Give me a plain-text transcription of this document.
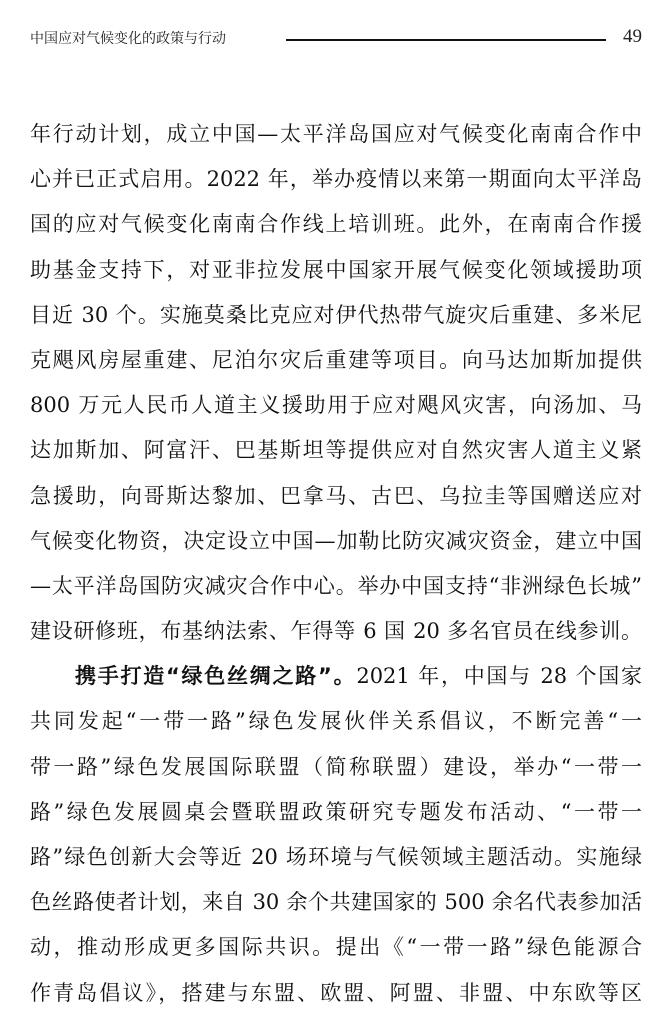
中国应对气候变化的政策与行动	49
年行动计划，成立中国—太平洋岛国应对气候变化南南合作中
心并已正式启用。2022 年，举办疫情以来第一期面向太平洋岛
国的应对气候变化南南合作线上培训班。此外，在南南合作援
助基金支持下，对亚非拉发展中国家开展气候变化领域援助项
目近 30 个。实施莫桑比克应对伊代热带气旋灾后重建、多米尼
克飓风房屋重建、尼泊尔灾后重建等项目。向马达加斯加提供
800 万元人民币人道主义援助用于应对飓风灾害，向汤加、马
达加斯加、阿富汗、巴基斯坦等提供应对自然灾害人道主义紧
急援助，向哥斯达黎加、巴拿马、古巴、乌拉圭等国赠送应对
气候变化物资，决定设立中国—加勒比防灾减灾资金，建立中国
—太平洋岛国防灾减灾合作中心。举办中国支持“非洲绿色长城”
建设研修班，布基纳法索、乍得等 6 国 20 多名官员在线参训。
携手打造“绿色丝绸之路”。2021 年，中国与 28 个国家
共同发起“一带一路”绿色发展伙伴关系倡议，不断完善“一
带一路”绿色发展国际联盟（简称联盟）建设，举办“一带一
路”绿色发展圆桌会暨联盟政策研究专题发布活动、“一带一
路”绿色创新大会等近 20 场环境与气候领域主题活动。实施绿
色丝路使者计划，来自 30 余个共建国家的 500 余名代表参加活
动，推动形成更多国际共识。提出《“一带一路”绿色能源合
作青岛倡议》，搭建与东盟、欧盟、阿盟、非盟、中东欧等区
